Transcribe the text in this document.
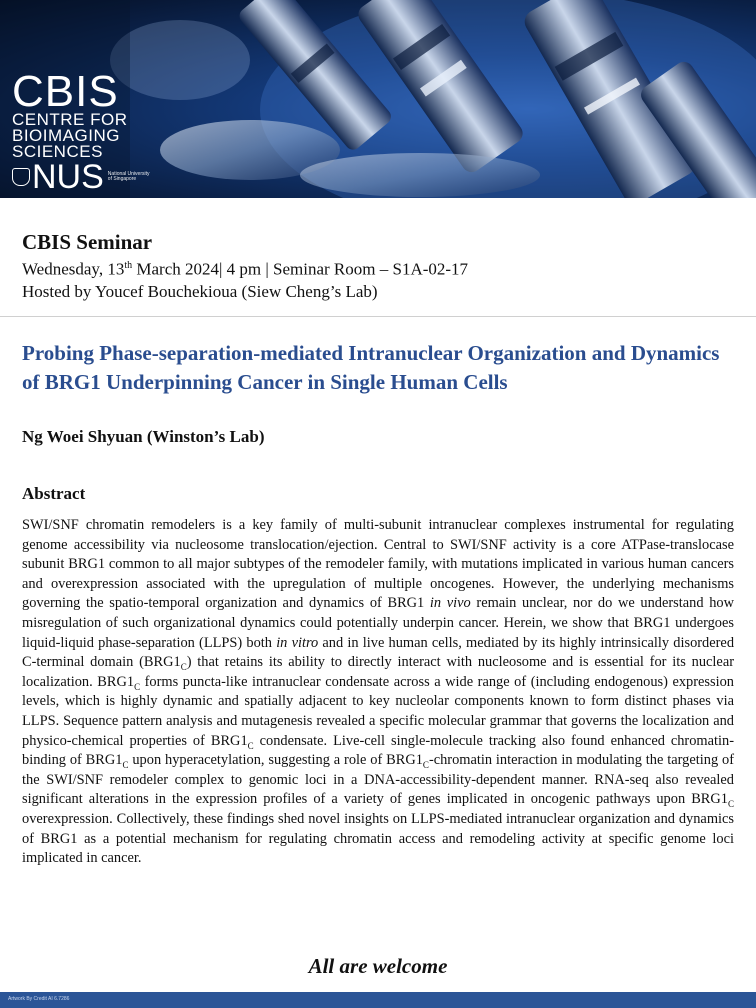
CBIS
CENTRE FOR
BIOIMAGING
SCIENCES
NUS National University
of Singapore
CBIS Seminar
Wednesday, 13th March 2024| 4 pm | Seminar Room – S1A-02-17
Hosted by Youcef Bouchekioua (Siew Cheng’s Lab)
Probing Phase-separation-mediated Intranuclear Organization and Dynamics of BRG1 Underpinning Cancer in Single Human Cells
Ng Woei Shyuan (Winston’s Lab)
Abstract

SWI/SNF chromatin remodelers is a key family of multi-subunit intranuclear complexes instrumental for regulating genome accessibility via nucleosome translocation/ejection. Central to SWI/SNF activity is a core ATPase-translocase subunit BRG1 common to all major subtypes of the remodeler family, with mutations implicated in various human cancers and overexpression associated with the upregulation of multiple oncogenes. However, the underlying mechanisms governing the spatio-temporal organization and dynamics of BRG1 in vivo remain unclear, nor do we understand how misregulation of such organizational dynamics could potentially underpin cancer. Herein, we show that BRG1 undergoes liquid-liquid phase-separation (LLPS) both in vitro and in live human cells, mediated by its highly intrinsically disordered C-terminal domain $(BRG1_C)$ that retains its ability to directly interact with nucleosome and is essential for its nuclear localization. $BRG1_C$ forms puncta-like intranuclear condensate across a wide range of (including endogenous) expression levels, which is highly dynamic and spatially adjacent to key nucleolar components known to form distinct phases via LLPS. Sequence pattern analysis and mutagenesis revealed a specific molecular grammar that governs the localization and physico-chemical properties of $BRG1_C$ condensate. Live-cell single-molecule tracking also found enhanced chromatin-binding of $BRG1_C$ upon hyperacetylation, suggesting a role of $BRG1_C$-chromatin interaction in modulating the targeting of the SWI/SNF remodeler complex to genomic loci in a DNA-accessibility-dependent manner. RNA-seq also revealed significant alterations in the expression profiles of a variety of genes implicated in oncogenic pathways upon $BRG1_C$ overexpression. Collectively, these findings shed novel insights on LLPS-mediated intranuclear organization and dynamics of BRG1 as a potential mechanism for regulating chromatin access and remodeling activity at specific genome loci implicated in cancer.

All are welcome
Artwork By Credit AI 6.7286
